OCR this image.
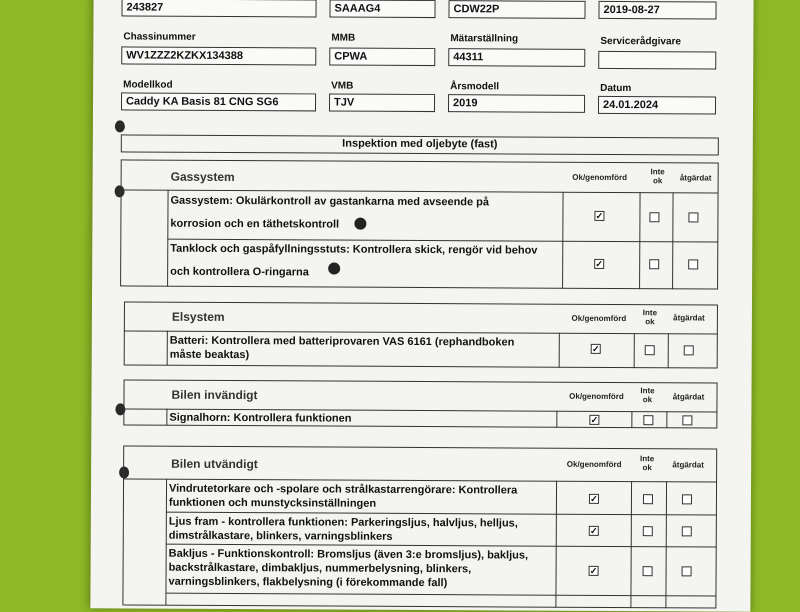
243827	SAAAG4	CDW22P	2019-08-27
Chassinummer	MMB	Mätarställning	Servicerådgivare
WV1ZZZ2KZKX134388	CPWA	44311
Modellkod	VMB	Årsmodell	Datum
Caddy KA Basis 81 CNG SG6	TJV	2019	24.01.2024
Inspektion med oljebyte (fast)
Gassystem	Ok/genomförd
Inte
ok	åtgärdat
Gassystem: Okulärkontroll av gastankarna med avseende på
korrosion och en täthetskontroll
✓
Tanklock och gaspåfyllningsstuts: Kontrollera skick, rengör vid behov
och kontrollera O-ringarna
✓
Elsystem	Ok/genomförd
Inte
ok	åtgärdat
Batteri: Kontrollera med batteriprovaren VAS 6161 (rephandboken
måste beaktas)	✓
Bilen invändigt	Ok/genomförd
Inte
ok	åtgärdat
Signalhorn: Kontrollera funktionen	✓
Bilen utvändigt	Ok/genomförd
Inte
ok	åtgärdat
Vindrutetorkare och -spolare och strålkastarrengörare: Kontrollera
funktionen och munstycksinställningen	✓
Ljus fram - kontrollera funktionen: Parkeringsljus, halvljus, helljus,
dimstrålkastare, blinkers, varningsblinkers	✓
Bakljus - Funktionskontroll: Bromsljus (även 3:e bromsljus), bakljus,
backstrålkastare, dimbakljus, nummerbelysning, blinkers,
varningsblinkers, flakbelysning (i förekommande fall)
✓
